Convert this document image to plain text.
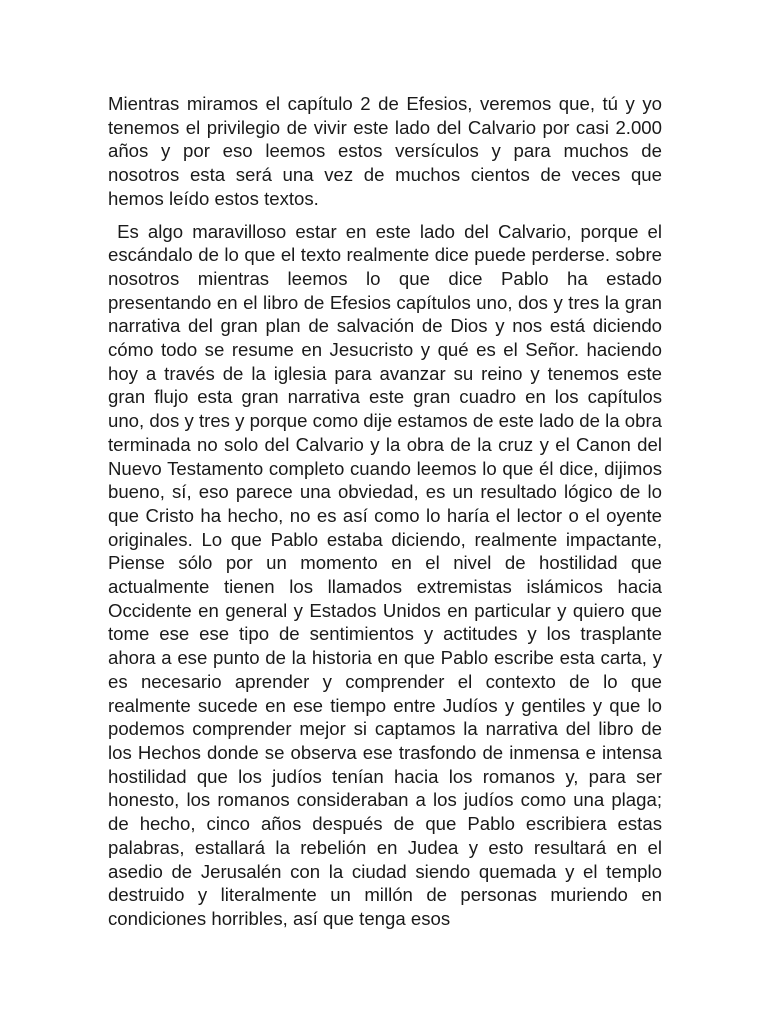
Mientras miramos el capítulo 2 de Efesios, veremos que, tú y yo tenemos el privilegio de vivir este lado del Calvario por casi 2.000 años y por eso leemos estos versículos y para muchos de nosotros esta será una vez de muchos cientos de veces que hemos leído estos textos.

Es algo maravilloso estar en este lado del Calvario, porque el escándalo de lo que el texto realmente dice puede perderse. sobre nosotros mientras leemos lo que dice Pablo ha estado presentando en el libro de Efesios capítulos uno, dos y tres la gran narrativa del gran plan de salvación de Dios y nos está diciendo cómo todo se resume en Jesucristo y qué es el Señor. haciendo hoy a través de la iglesia para avanzar su reino y tenemos este gran flujo esta gran narrativa este gran cuadro en los capítulos uno, dos y tres y porque como dije estamos de este lado de la obra terminada no solo del Calvario y la obra de la cruz y el Canon del Nuevo Testamento completo cuando leemos lo que él dice, dijimos bueno, sí, eso parece una obviedad, es un resultado lógico de lo que Cristo ha hecho, no es así como lo haría el lector o el oyente originales. Lo que Pablo estaba diciendo, realmente impactante, Piense sólo por un momento en el nivel de hostilidad que actualmente tienen los llamados extremistas islámicos hacia Occidente en general y Estados Unidos en particular y quiero que tome ese ese tipo de sentimientos y actitudes y los trasplante ahora a ese punto de la historia en que Pablo escribe esta carta, y es necesario aprender y comprender el contexto de lo que realmente sucede en ese tiempo entre Judíos y gentiles y que lo podemos comprender mejor si captamos la narrativa del libro de los Hechos donde se observa ese trasfondo de inmensa e intensa hostilidad que los judíos tenían hacia los romanos y, para ser honesto, los romanos consideraban a los judíos como una plaga; de hecho, cinco años después de que Pablo escribiera estas palabras, estallará la rebelión en Judea y esto resultará en el asedio de Jerusalén con la ciudad siendo quemada y el templo destruido y literalmente un millón de personas muriendo en condiciones horribles, así que tenga esos
